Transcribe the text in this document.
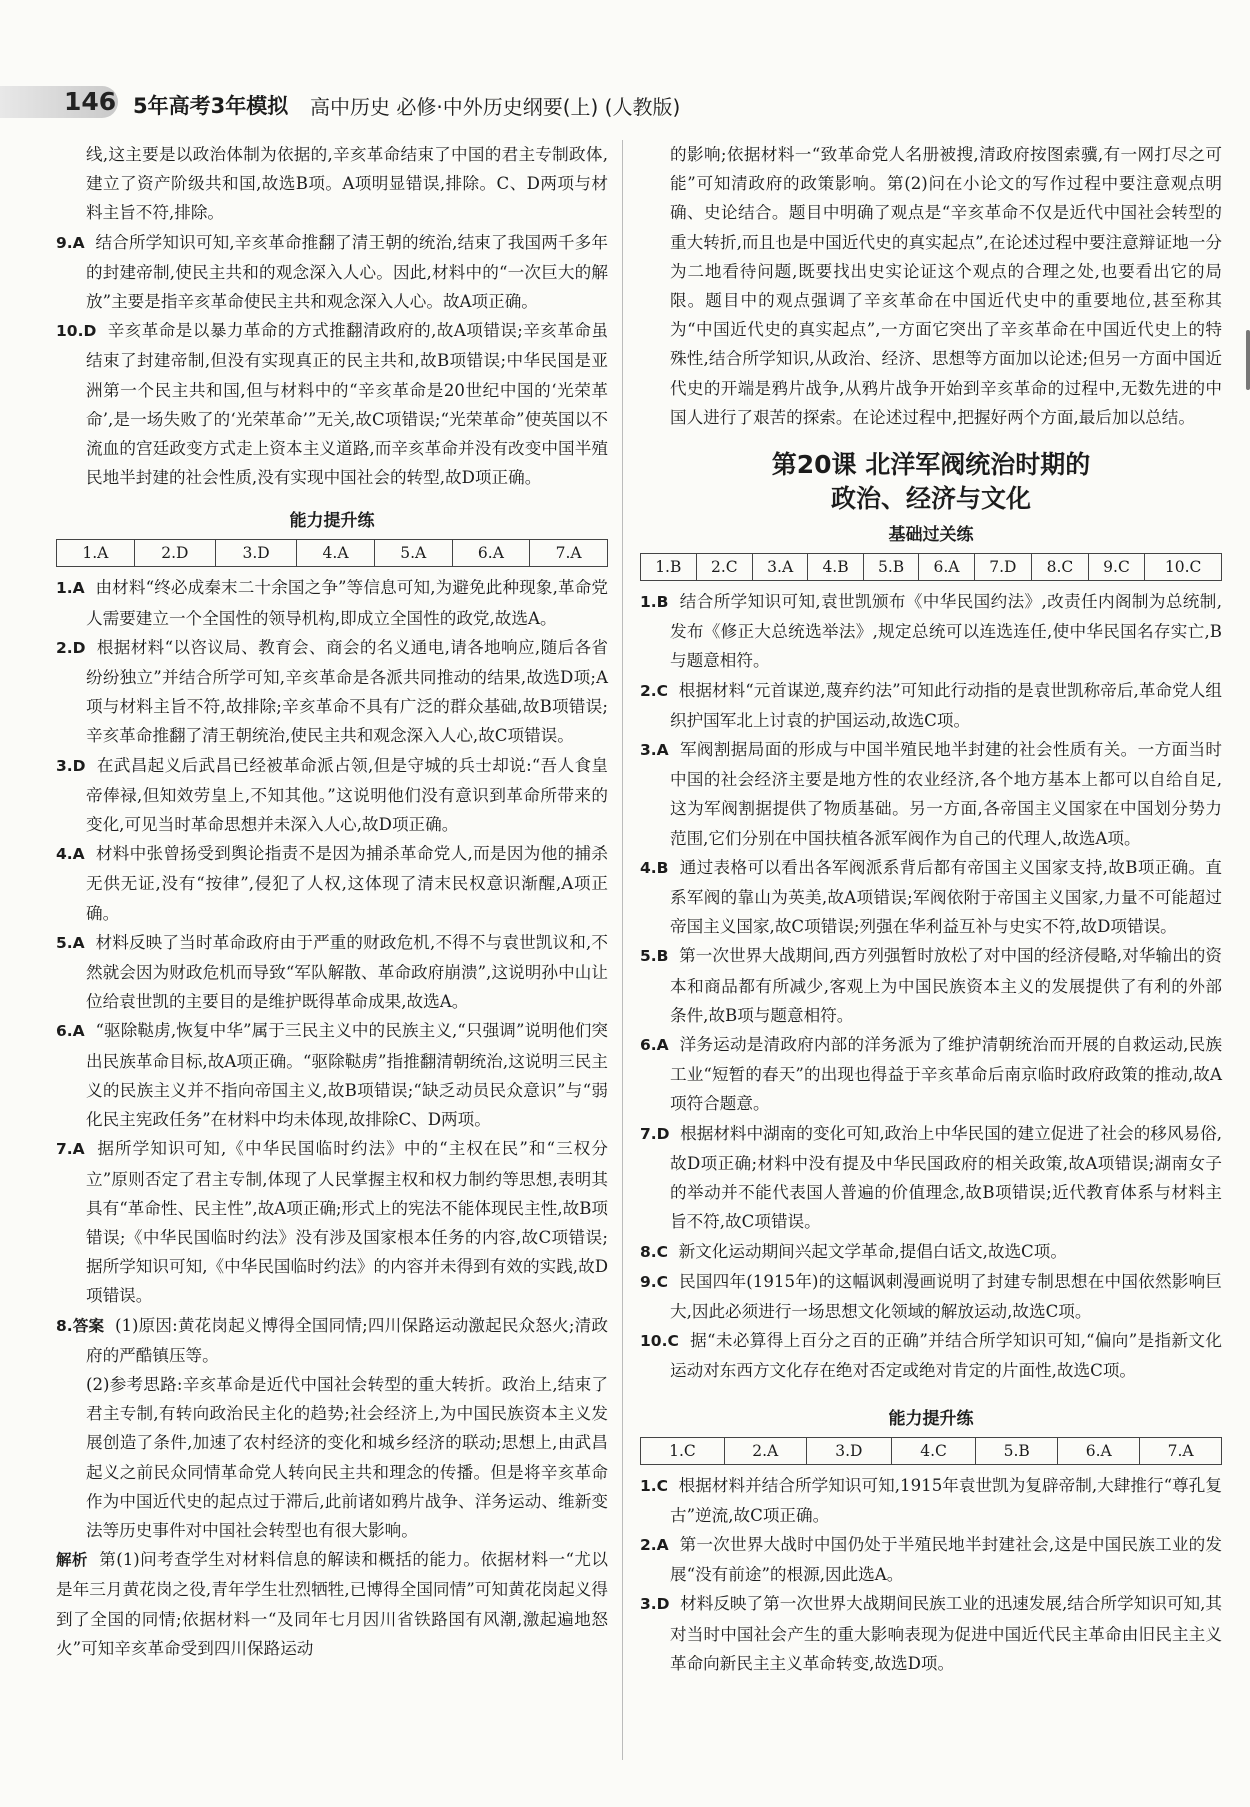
146 5年高考3年模拟 高中历史 必修·中外历史纲要(上) (人教版)

线,这主要是以政治体制为依据的,辛亥革命结束了中国的君主专制政体,建立了资产阶级共和国,故选B项。A项明显错误,排除。C、D两项与材料主旨不符,排除。

9.A 结合所学知识可知,辛亥革命推翻了清王朝的统治,结束了我国两千多年的封建帝制,使民主共和的观念深入人心。因此,材料中的“一次巨大的解放”主要是指辛亥革命使民主共和观念深入人心。故A项正确。

10.D 辛亥革命是以暴力革命的方式推翻清政府的,故A项错误;辛亥革命虽结束了封建帝制,但没有实现真正的民主共和,故B项错误;中华民国是亚洲第一个民主共和国,但与材料中的“辛亥革命是20世纪中国的‘光荣革命’,是一场失败了的‘光荣革命’”无关,故C项错误;“光荣革命”使英国以不流血的宫廷政变方式走上资本主义道路,而辛亥革命并没有改变中国半殖民地半封建的社会性质,没有实现中国社会的转型,故D项正确。

能力提升练
1.A	2.D	3.D	4.A	5.A	6.A	7.A

1.A 由材料“终必成秦末二十余国之争”等信息可知,为避免此种现象,革命党人需要建立一个全国性的领导机构,即成立全国性的政党,故选A。

2.D 根据材料“以咨议局、教育会、商会的名义通电,请各地响应,随后各省纷纷独立”并结合所学可知,辛亥革命是各派共同推动的结果,故选D项;A项与材料主旨不符,故排除;辛亥革命不具有广泛的群众基础,故B项错误;辛亥革命推翻了清王朝统治,使民主共和观念深入人心,故C项错误。

3.D 在武昌起义后武昌已经被革命派占领,但是守城的兵士却说:“吾人食皇帝俸禄,但知效劳皇上,不知其他。”这说明他们没有意识到革命所带来的变化,可见当时革命思想并未深入人心,故D项正确。

4.A 材料中张曾扬受到舆论指责不是因为捕杀革命党人,而是因为他的捕杀无供无证,没有“按律”,侵犯了人权,这体现了清末民权意识渐醒,A项正确。

5.A 材料反映了当时革命政府由于严重的财政危机,不得不与袁世凯议和,不然就会因为财政危机而导致“军队解散、革命政府崩溃”,这说明孙中山让位给袁世凯的主要目的是维护既得革命成果,故选A。

6.A “驱除鞑虏,恢复中华”属于三民主义中的民族主义,“只强调”说明他们突出民族革命目标,故A项正确。“驱除鞑虏”指推翻清朝统治,这说明三民主义的民族主义并不指向帝国主义,故B项错误;“缺乏动员民众意识”与“弱化民主宪政任务”在材料中均未体现,故排除C、D两项。

7.A 据所学知识可知,《中华民国临时约法》中的“主权在民”和“三权分立”原则否定了君主专制,体现了人民掌握主权和权力制约等思想,表明其具有“革命性、民主性”,故A项正确;形式上的宪法不能体现民主性,故B项错误;《中华民国临时约法》没有涉及国家根本任务的内容,故C项错误;据所学知识可知,《中华民国临时约法》的内容并未得到有效的实践,故D项错误。

8.答案 (1)原因:黄花岗起义博得全国同情;四川保路运动激起民众怒火;清政府的严酷镇压等。

(2)参考思路:辛亥革命是近代中国社会转型的重大转折。政治上,结束了君主专制,有转向政治民主化的趋势;社会经济上,为中国民族资本主义发展创造了条件,加速了农村经济的变化和城乡经济的联动;思想上,由武昌起义之前民众同情革命党人转向民主共和理念的传播。但是将辛亥革命作为中国近代史的起点过于滞后,此前诸如鸦片战争、洋务运动、维新变法等历史事件对中国社会转型也有很大影响。

解析 第(1)问考查学生对材料信息的解读和概括的能力。依据材料一“尤以是年三月黄花岗之役,青年学生壮烈牺牲,已博得全国同情”可知黄花岗起义得到了全国的同情;依据材料一“及同年七月因川省铁路国有风潮,激起遍地怒火”可知辛亥革命受到四川保路运动

的影响;依据材料一“致革命党人名册被搜,清政府按图索骥,有一网打尽之可能”可知清政府的政策影响。第(2)问在小论文的写作过程中要注意观点明确、史论结合。题目中明确了观点是“辛亥革命不仅是近代中国社会转型的重大转折,而且也是中国近代史的真实起点”,在论述过程中要注意辩证地一分为二地看待问题,既要找出史实论证这个观点的合理之处,也要看出它的局限。题目中的观点强调了辛亥革命在中国近代史中的重要地位,甚至称其为“中国近代史的真实起点”,一方面它突出了辛亥革命在中国近代史上的特殊性,结合所学知识,从政治、经济、思想等方面加以论述;但另一方面中国近代史的开端是鸦片战争,从鸦片战争开始到辛亥革命的过程中,无数先进的中国人进行了艰苦的探索。在论述过程中,把握好两个方面,最后加以总结。

第20课 北洋军阀统治时期的
政治、经济与文化
基础过关练
1.B	2.C	3.A	4.B	5.B	6.A	7.D	8.C	9.C	10.C

1.B 结合所学知识可知,袁世凯颁布《中华民国约法》,改责任内阁制为总统制,发布《修正大总统选举法》,规定总统可以连选连任,使中华民国名存实亡,B与题意相符。

2.C 根据材料“元首谋逆,蔑弃约法”可知此行动指的是袁世凯称帝后,革命党人组织护国军北上讨袁的护国运动,故选C项。

3.A 军阀割据局面的形成与中国半殖民地半封建的社会性质有关。一方面当时中国的社会经济主要是地方性的农业经济,各个地方基本上都可以自给自足,这为军阀割据提供了物质基础。另一方面,各帝国主义国家在中国划分势力范围,它们分别在中国扶植各派军阀作为自己的代理人,故选A项。

4.B 通过表格可以看出各军阀派系背后都有帝国主义国家支持,故B项正确。直系军阀的靠山为英美,故A项错误;军阀依附于帝国主义国家,力量不可能超过帝国主义国家,故C项错误;列强在华利益互补与史实不符,故D项错误。

5.B 第一次世界大战期间,西方列强暂时放松了对中国的经济侵略,对华输出的资本和商品都有所减少,客观上为中国民族资本主义的发展提供了有利的外部条件,故B项与题意相符。

6.A 洋务运动是清政府内部的洋务派为了维护清朝统治而开展的自救运动,民族工业“短暂的春天”的出现也得益于辛亥革命后南京临时政府政策的推动,故A项符合题意。

7.D 根据材料中湖南的变化可知,政治上中华民国的建立促进了社会的移风易俗,故D项正确;材料中没有提及中华民国政府的相关政策,故A项错误;湖南女子的举动并不能代表国人普遍的价值理念,故B项错误;近代教育体系与材料主旨不符,故C项错误。

8.C 新文化运动期间兴起文学革命,提倡白话文,故选C项。

9.C 民国四年(1915年)的这幅讽刺漫画说明了封建专制思想在中国依然影响巨大,因此必须进行一场思想文化领域的解放运动,故选C项。

10.C 据“未必算得上百分之百的正确”并结合所学知识可知,“偏向”是指新文化运动对东西方文化存在绝对否定或绝对肯定的片面性,故选C项。

能力提升练
1.C	2.A	3.D	4.C	5.B	6.A	7.A

1.C 根据材料并结合所学知识可知,1915年袁世凯为复辟帝制,大肆推行“尊孔复古”逆流,故C项正确。

2.A 第一次世界大战时中国仍处于半殖民地半封建社会,这是中国民族工业的发展“没有前途”的根源,因此选A。

3.D 材料反映了第一次世界大战期间民族工业的迅速发展,结合所学知识可知,其对当时中国社会产生的重大影响表现为促进中国近代民主革命由旧民主主义革命向新民主主义革命转变,故选D项。
